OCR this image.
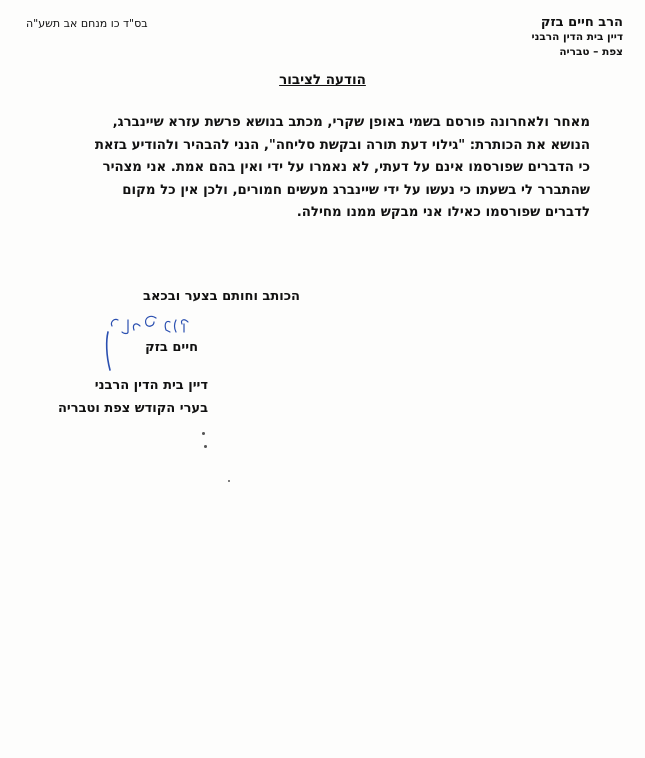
הרב חיים בזק
דיין בית הדין הרבני
צפת – טבריה
בס"ד כו מנחם אב תשע"ה
הודעה לציבור
מאחר ולאחרונה פורסם בשמי באופן שקרי, מכתב בנושא פרשת עזרא שיינברג,
הנושא את הכותרת: "גילוי דעת תורה ובקשת סליחה", הנני להבהיר ולהודיע בזאת
כי הדברים שפורסמו אינם על דעתי, לא נאמרו על ידי ואין בהם אמת. אני מצהיר
שהתברר לי בשעתו כי נעשו על ידי שיינברג מעשים חמורים, ולכן אין כל מקום
לדברים שפורסמו כאילו אני מבקש ממנו מחילה.
הכותב וחותם בצער ובכאב
חיים בזק
דיין בית הדין הרבני
בערי הקודש צפת וטבריה
